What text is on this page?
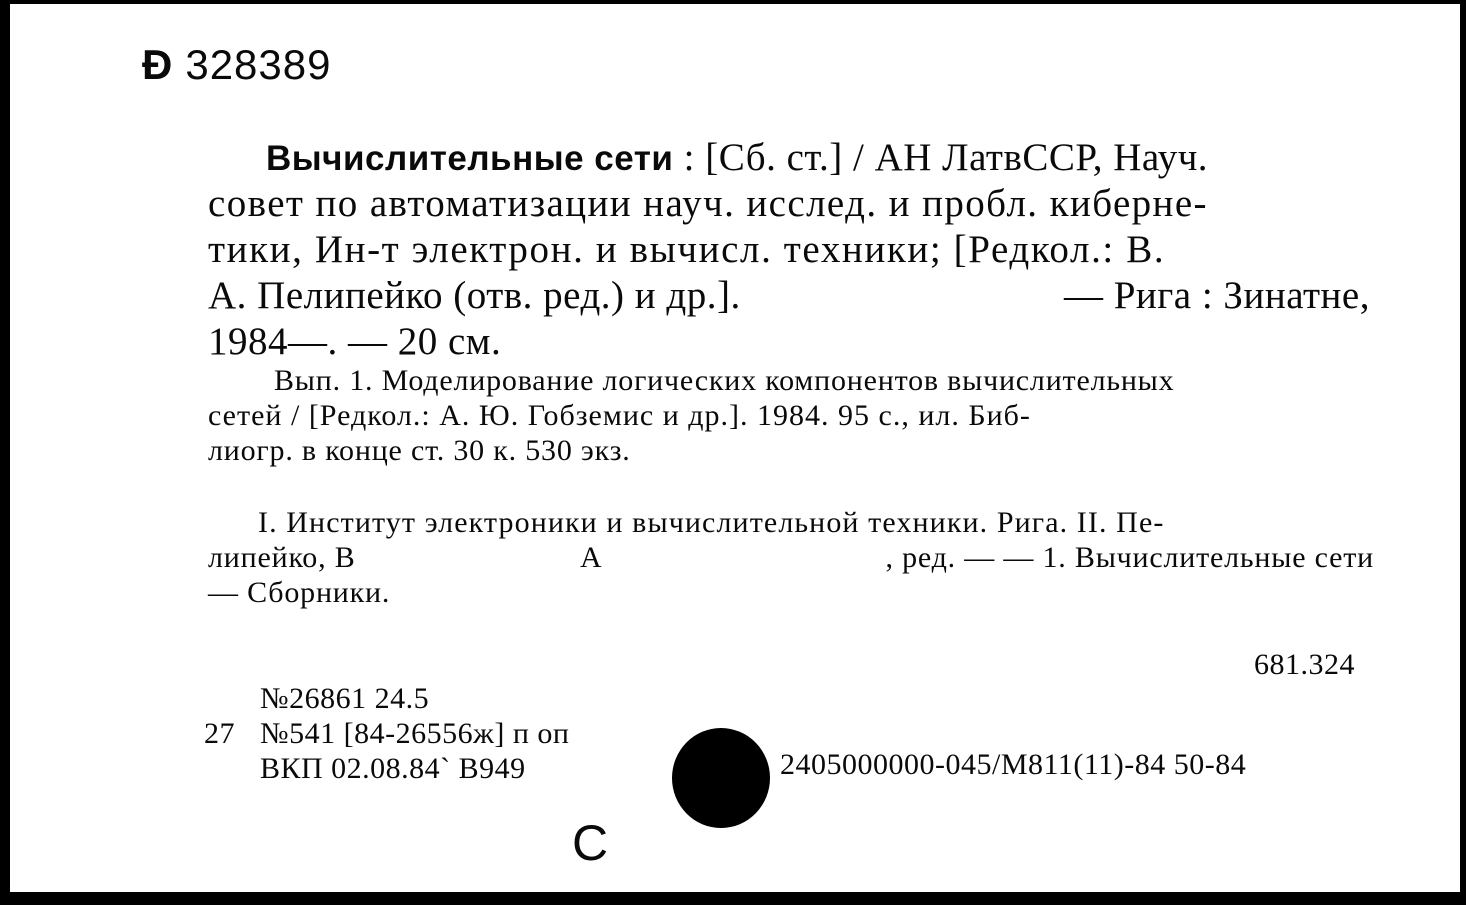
Ɖ 328389
Вычислительные сети : [Сб. ст.] / АН ЛатвССР, Науч.
совет по автоматизации науч. исслед. и пробл. киберне-
тики, Ин-т электрон. и вычисл. техники; [Редкол.: В.
А. Пелипейко (отв. ред.) и др.].	— Рига : Зинатне,
1984—. — 20 см.
Вып. 1. Моделирование логических компонентов вычислительных
сетей / [Редкол.: А. Ю. Гобземис и др.]. 1984. 95 с., ил. Биб-
лиогр. в конце ст. 30 к. 530 экз.
I. Институт электроники и вычислительной техники. Рига. II. Пе-
липейко, В	А	, ред. — — 1. Вычислительные сети
— Сборники.
681.324
№26861 24.5
27 №541 [84-26556ж] п оп
ВКП 02.08.84` В949	2405000000-045/М811(11)-84 50-84
С
